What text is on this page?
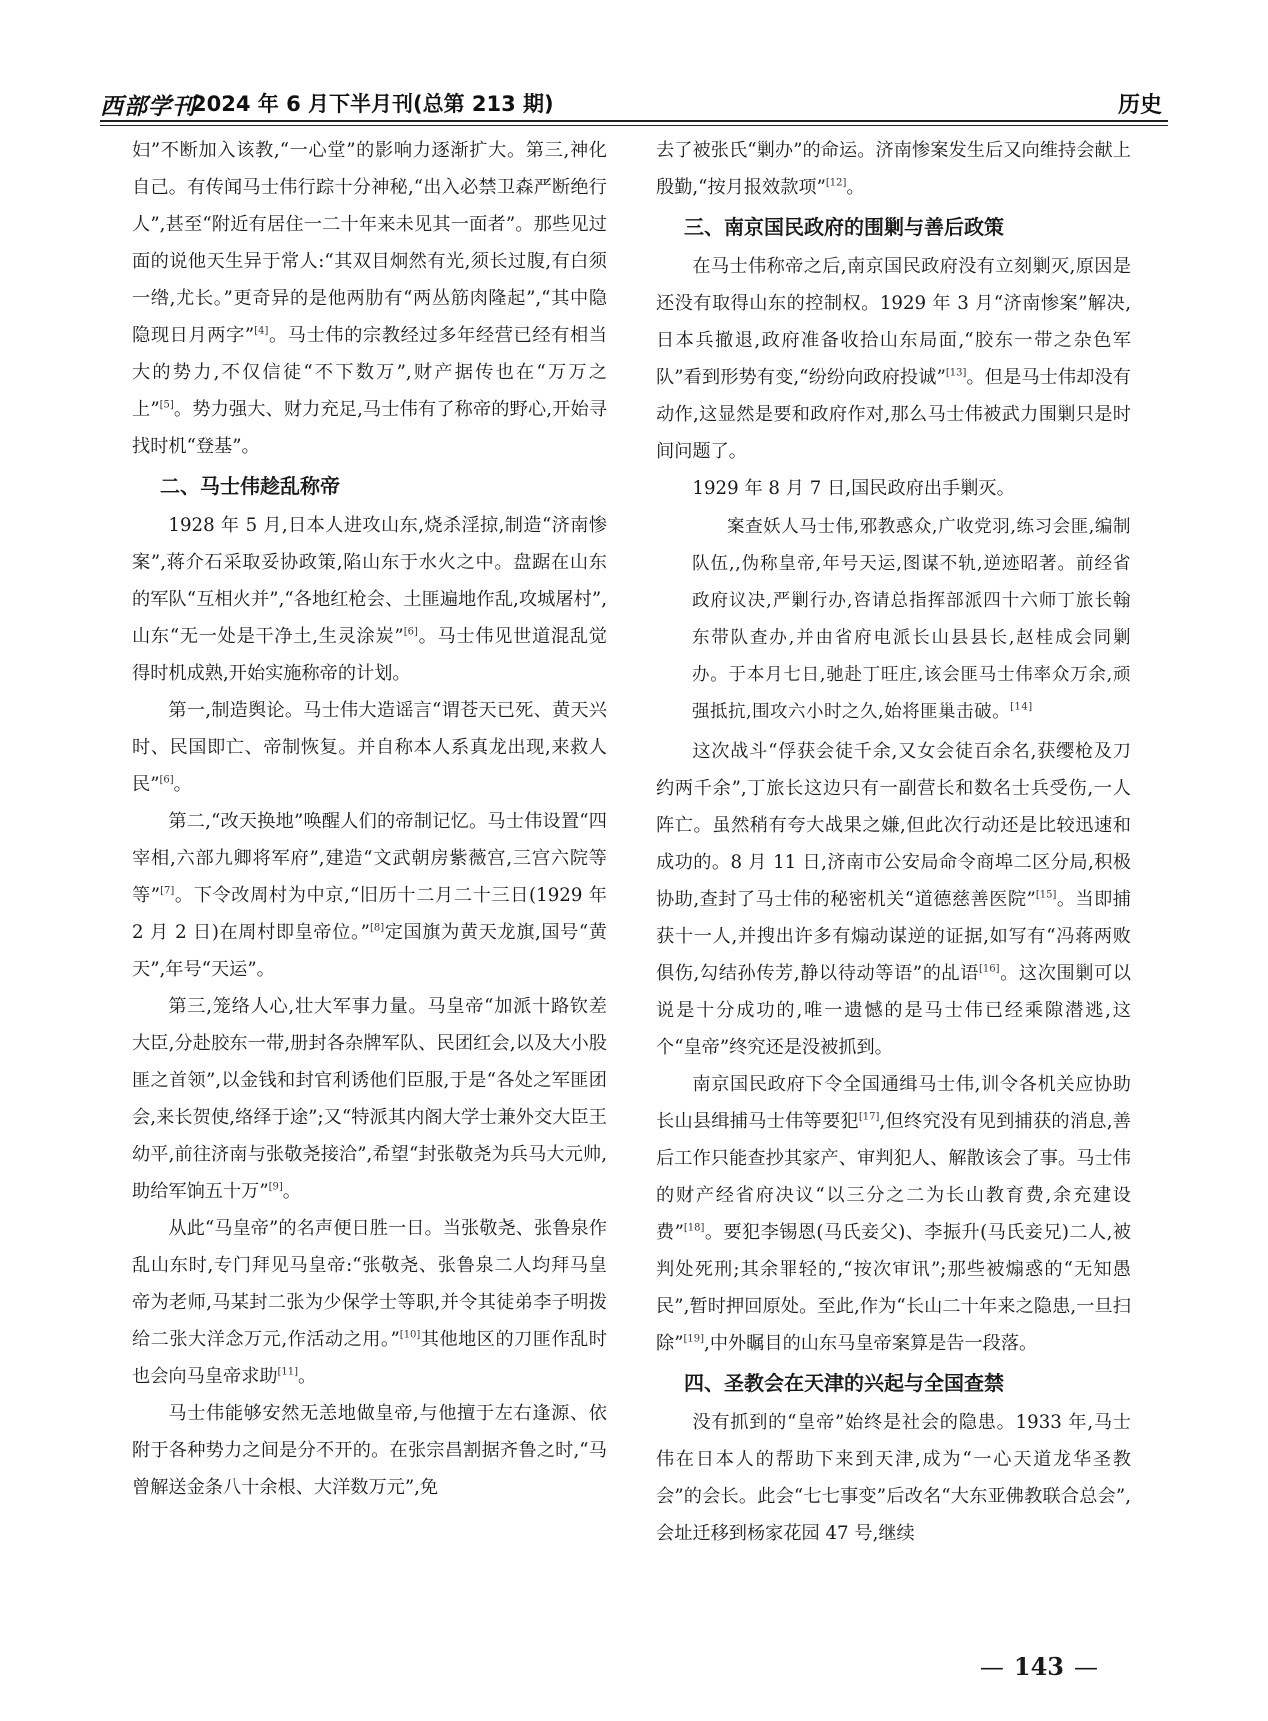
西部学刊
2024 年 6 月下半月刊(总第 213 期)	历史

妇”不断加入该教,“一心堂”的影响力逐渐扩大。第三,神化自己。有传闻马士伟行踪十分神秘,“出入必禁卫森严断绝行人”,甚至“附近有居住一二十年来未见其一面者”。那些见过面的说他天生异于常人:“其双目炯然有光,须长过腹,有白须一绺,尤长。”更奇异的是他两肋有“两丛筋肉隆起”,“其中隐隐现日月两字”[4]。马士伟的宗教经过多年经营已经有相当大的势力,不仅信徒“不下数万”,财产据传也在“万万之上”[5]。势力强大、财力充足,马士伟有了称帝的野心,开始寻找时机“登基”。

二、马士伟趁乱称帝

1928 年 5 月,日本人进攻山东,烧杀淫掠,制造“济南惨案”,蒋介石采取妥协政策,陷山东于水火之中。盘踞在山东的军队“互相火并”,“各地红枪会、土匪遍地作乱,攻城屠村”,山东“无一处是干净土,生灵涂炭”[6]。马士伟见世道混乱觉得时机成熟,开始实施称帝的计划。

第一,制造舆论。马士伟大造谣言“谓苍天已死、黄天兴时、民国即亡、帝制恢复。并自称本人系真龙出现,来救人民”[6]。

第二,“改天换地”唤醒人们的帝制记忆。马士伟设置“四宰相,六部九卿将军府”,建造“文武朝房紫薇宫,三宫六院等等”[7]。下令改周村为中京,“旧历十二月二十三日(1929 年 2 月 2 日)在周村即皇帝位。”[8]定国旗为黄天龙旗,国号“黄天”,年号“天运”。

第三,笼络人心,壮大军事力量。马皇帝“加派十路钦差大臣,分赴胶东一带,册封各杂牌军队、民团红会,以及大小股匪之首领”,以金钱和封官利诱他们臣服,于是“各处之军匪团会,来长贺使,络绎于途”;又“特派其内阁大学士兼外交大臣王幼平,前往济南与张敬尧接洽”,希望“封张敬尧为兵马大元帅,助给军饷五十万”[9]。

从此“马皇帝”的名声便日胜一日。当张敬尧、张鲁泉作乱山东时,专门拜见马皇帝:“张敬尧、张鲁泉二人均拜马皇帝为老师,马某封二张为少保学士等职,并令其徒弟李子明拨给二张大洋念万元,作活动之用。”[10]其他地区的刀匪作乱时也会向马皇帝求助[11]。

马士伟能够安然无恙地做皇帝,与他擅于左右逢源、依附于各种势力之间是分不开的。在张宗昌割据齐鲁之时,“马曾解送金条八十余根、大洋数万元”,免

去了被张氏“剿办”的命运。济南惨案发生后又向维持会献上殷勤,“按月报效款项”[12]。

三、南京国民政府的围剿与善后政策

在马士伟称帝之后,南京国民政府没有立刻剿灭,原因是还没有取得山东的控制权。1929 年 3 月“济南惨案”解决,日本兵撤退,政府准备收拾山东局面,“胶东一带之杂色军队”看到形势有变,“纷纷向政府投诚”[13]。但是马士伟却没有动作,这显然是要和政府作对,那么马士伟被武力围剿只是时间问题了。

1929 年 8 月 7 日,国民政府出手剿灭。

案查妖人马士伟,邪教惑众,广收党羽,练习会匪,编制队伍,,伪称皇帝,年号天运,图谋不轨,逆迹昭著。前经省政府议决,严剿行办,咨请总指挥部派四十六师丁旅长翰东带队查办,并由省府电派长山县县长,赵桂成会同剿办。于本月七日,驰赴丁旺庄,该会匪马士伟率众万余,顽强抵抗,围攻六小时之久,始将匪巢击破。[14]

这次战斗“俘获会徒千余,又女会徒百余名,获缨枪及刀约两千余”,丁旅长这边只有一副营长和数名士兵受伤,一人阵亡。虽然稍有夸大战果之嫌,但此次行动还是比较迅速和成功的。8 月 11 日,济南市公安局命令商埠二区分局,积极协助,查封了马士伟的秘密机关“道德慈善医院”[15]。当即捕获十一人,并搜出许多有煽动谋逆的证据,如写有“冯蒋两败俱伤,勾结孙传芳,静以待动等语”的乩语[16]。这次围剿可以说是十分成功的,唯一遗憾的是马士伟已经乘隙潜逃,这个“皇帝”终究还是没被抓到。

南京国民政府下令全国通缉马士伟,训令各机关应协助长山县缉捕马士伟等要犯[17],但终究没有见到捕获的消息,善后工作只能查抄其家产、审判犯人、解散该会了事。马士伟的财产经省府决议“以三分之二为长山教育费,余充建设费”[18]。要犯李锡恩(马氏妾父)、李振升(马氏妾兄)二人,被判处死刑;其余罪轻的,“按次审讯”;那些被煽惑的“无知愚民”,暂时押回原处。至此,作为“长山二十年来之隐患,一旦扫除”[19],中外瞩目的山东马皇帝案算是告一段落。

四、圣教会在天津的兴起与全国查禁

没有抓到的“皇帝”始终是社会的隐患。1933 年,马士伟在日本人的帮助下来到天津,成为“一心天道龙华圣教会”的会长。此会“七七事变”后改名“大东亚佛教联合总会”,会址迁移到杨家花园 47 号,继续

— 143 —
